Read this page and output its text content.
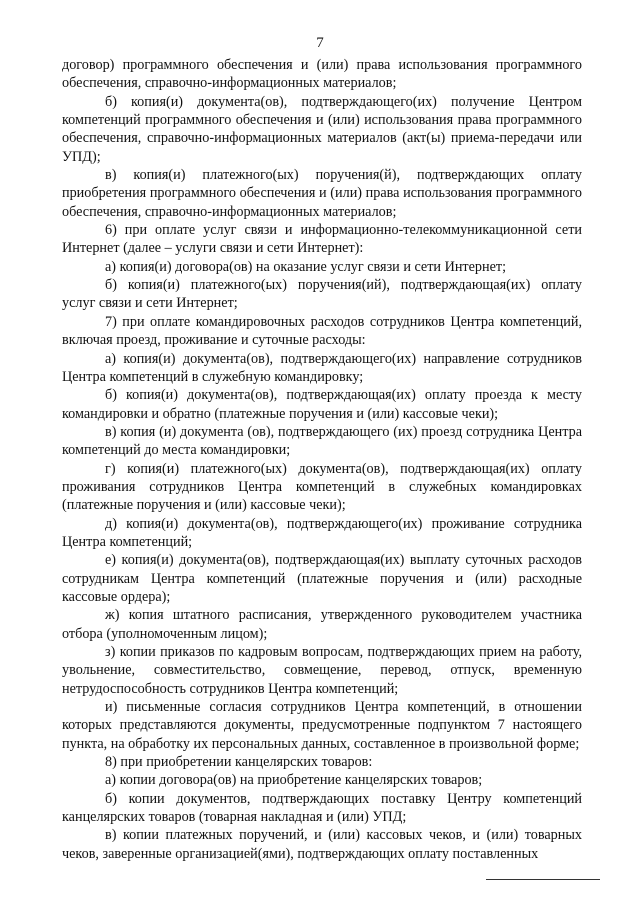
7

договор) программного обеспечения и (или) права использования программного обеспечения, справочно-информационных материалов;

б) копия(и) документа(ов), подтверждающего(их) получение Центром компетенций программного обеспечения и (или) использования права программного обеспечения, справочно-информационных материалов (акт(ы) приема-передачи или УПД);

в) копия(и) платежного(ых) поручения(й), подтверждающих оплату приобретения программного обеспечения и (или) права использования программного обеспечения, справочно-информационных материалов;

6) при оплате услуг связи и информационно-телекоммуникационной сети Интернет (далее – услуги связи и сети Интернет):

а) копия(и) договора(ов) на оказание услуг связи и сети Интернет;

б) копия(и) платежного(ых) поручения(ий), подтверждающая(их) оплату услуг связи и сети Интернет;

7) при оплате командировочных расходов сотрудников Центра компетенций, включая проезд, проживание и суточные расходы:

а) копия(и) документа(ов), подтверждающего(их) направление сотрудников Центра компетенций в служебную командировку;

б) копия(и) документа(ов), подтверждающая(их) оплату проезда к месту командировки и обратно (платежные поручения и (или) кассовые чеки);

в) копия (и) документа (ов), подтверждающего (их) проезд сотрудника Центра компетенций до места командировки;

г) копия(и) платежного(ых) документа(ов), подтверждающая(их) оплату проживания сотрудников Центра компетенций в служебных командировках (платежные поручения и (или) кассовые чеки);

д) копия(и) документа(ов), подтверждающего(их) проживание сотрудника Центра компетенций;

е) копия(и) документа(ов), подтверждающая(их) выплату суточных расходов сотрудникам Центра компетенций (платежные поручения и (или) расходные кассовые ордера);

ж) копия штатного расписания, утвержденного руководителем участника отбора (уполномоченным лицом);

з) копии приказов по кадровым вопросам, подтверждающих прием на работу, увольнение, совместительство, совмещение, перевод, отпуск, временную нетрудоспособность сотрудников Центра компетенций;

и) письменные согласия сотрудников Центра компетенций, в отношении которых представляются документы, предусмотренные подпунктом 7 настоящего пункта, на обработку их персональных данных, составленное в произвольной форме;

8) при приобретении канцелярских товаров:

а) копии договора(ов) на приобретение канцелярских товаров;

б) копии документов, подтверждающих поставку Центру компетенций канцелярских товаров (товарная накладная и (или) УПД;

в) копии платежных поручений, и (или) кассовых чеков, и (или) товарных чеков, заверенные организацией(ями), подтверждающих оплату поставленных
